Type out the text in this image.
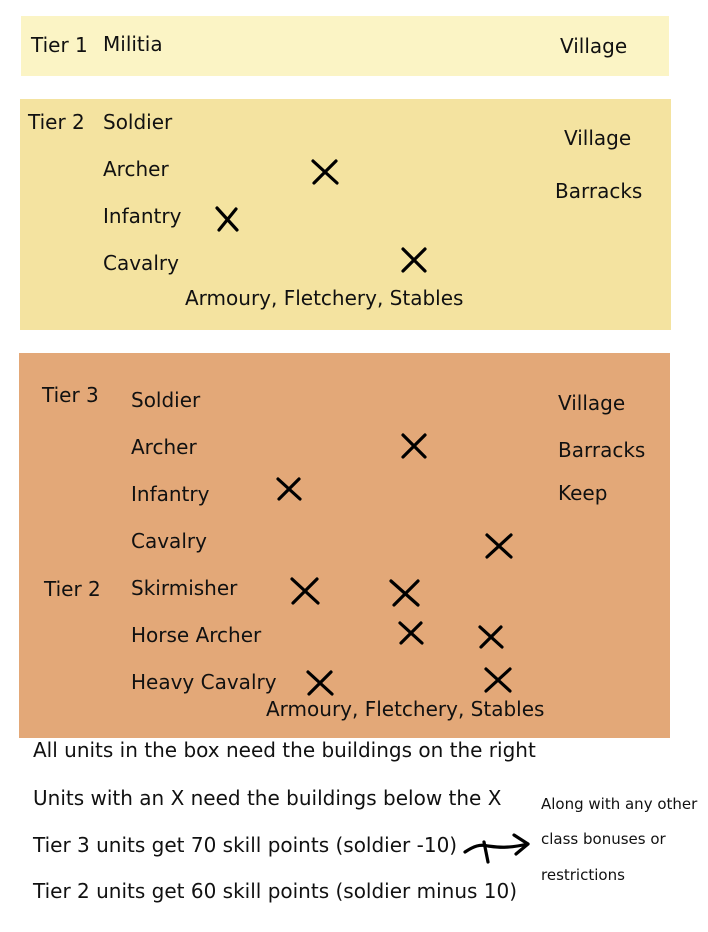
Tier 1 Militia	Village
Tier 2 Soldier
Archer
Infantry
Cavalry
Village
Barracks
Armoury, Fletchery, Stables
Tier 3
Tier 2
Soldier
Archer
Infantry
Cavalry
Skirmisher
Horse Archer
Heavy Cavalry
Village
Barracks
Keep
Armoury, Fletchery, Stables
All units in the box need the buildings on the right
Units with an X need the buildings below the X
Tier 3 units get 70 skill points (soldier -10)
Tier 2 units get 60 skill points (soldier minus 10)
Along with any other
class bonuses or
restrictions
